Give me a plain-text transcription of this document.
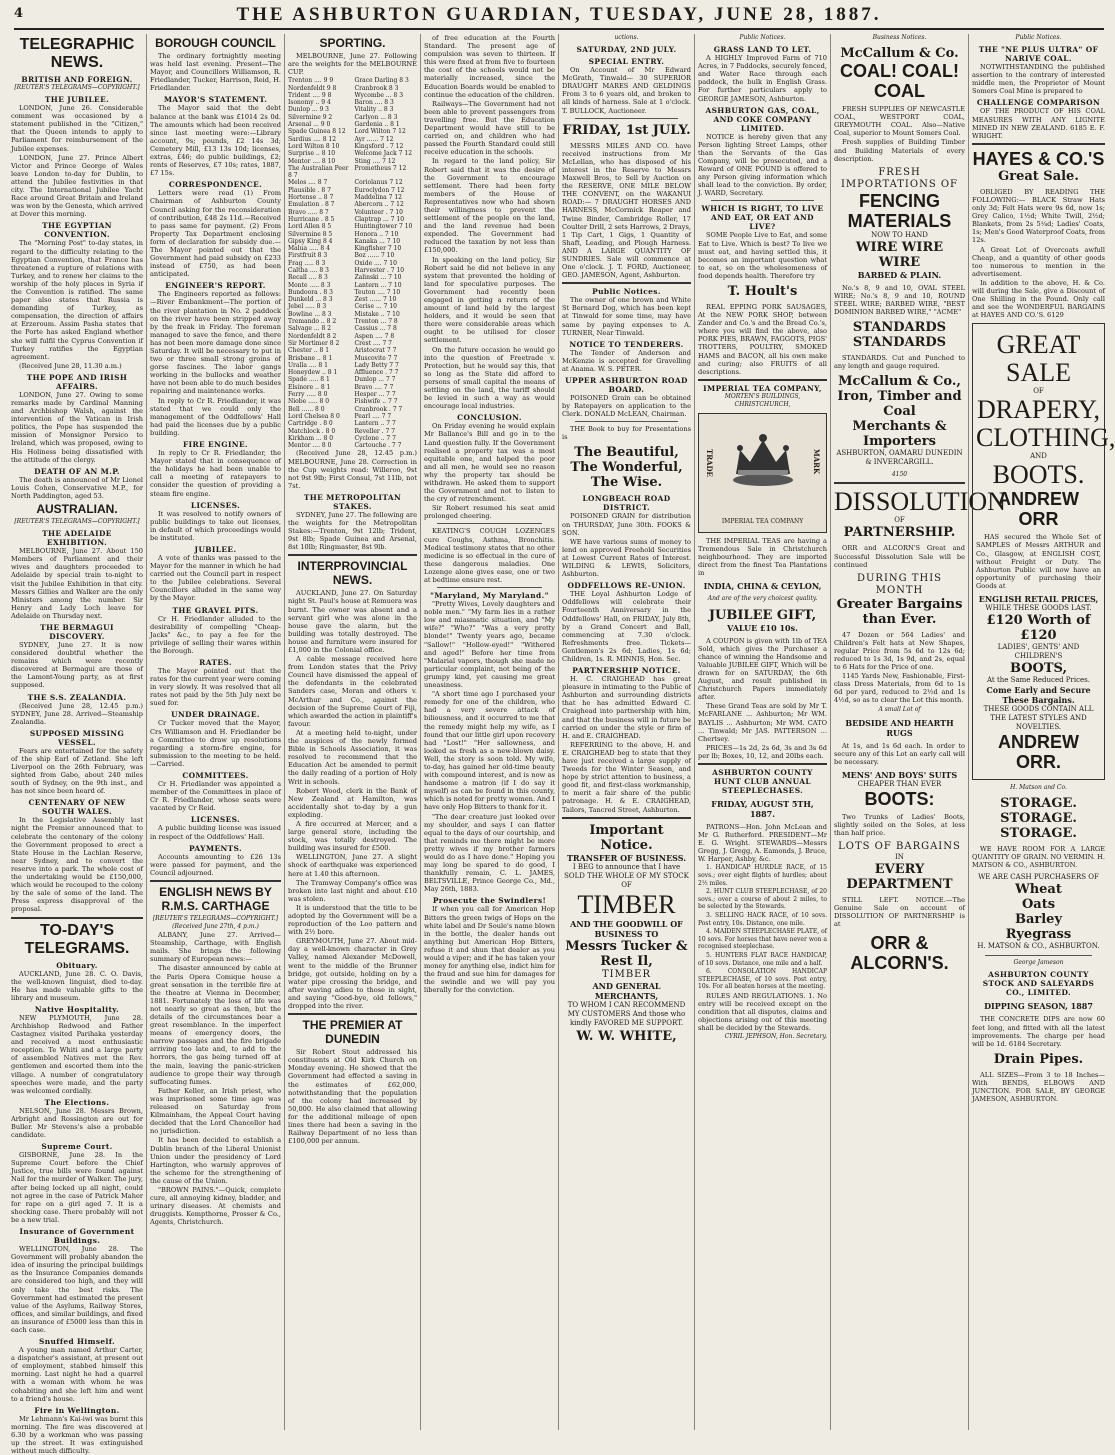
4	THE ASHBURTON GUARDIAN, TUESDAY, JUNE 28, 1887.
TELEGRAPHIC NEWS.
BRITISH AND FOREIGN.
[REUTER'S TELEGRAMS—COPYRIGHT.]
THE JUBILEE.

LONDON, June 26. Considerable comment was occasioned by a statement published in the "Citizen," that the Queen intends to apply to Parliament for reimbursement of the Jubilee expenses.

LONDON, June 27. Prince Albert Victor and Prince George of Wales leave London to-day for Dublin, to attend the Jubilee festivities in that city. The International Jubilee Yacht Race around Great Britain and Ireland was won by the Genesta, which arrived at Dover this morning.

THE EGYPTIAN CONVENTION.

The "Morning Post" to-day states, in regard to the difficulty relating to the Egyptian Convention, that France has threatened a rupture of relations with Turkey, and to renew her claims to the worship of the holy places in Syria if the Convention is ratified. The same paper also states that Russia is demanding of Turkey, as compensation, the direction of affairs at Erzeroum. Assim Pasha states that the Porte has asked England whether she will fulfil the Cyprus Convention if Turkey ratifies the Egyptian agreement.

(Received June 28, 11.30 a.m.)

THE POPE AND IRISH AFFAIRS.

LONDON, June 27. Owing to some remarks made by Cardinal Manning and Archbishop Walsh, against the intervention of the Vatican in Irish politics, the Pope has suspended the mission of Monsignor Persico to Ireland, which was proposed, owing to His Holiness being dissatisfied with the attitude of the clergy.

DEATH OF AN M.P.

The death is announced of Mr Lionel Louis Cohen, Conservative M.P., for North Paddington, aged 53.

AUSTRALIAN.
[REUTER'S TELEGRAMS—COPYRIGHT.]
THE ADELAIDE EXHIBITION.

MELBOURNE, June 27. About 150 Members of Parliament and their wives and daughters proceeded to Adelaide by special train to-night to visit the Jubilee Exhibition in that city. Messrs Gillies and Walker are the only Ministers among the number. Sir Henry and Lady Loch leave for Adelaide on Thursday next.

THE BERMAGUI DISCOVERY.

SYDNEY, June 27. It is now considered doubtful whether the remains which were recently discovered at Bermagui are those of the Lamont-Young party, as at first supposed.

THE S.S. ZEALANDIA.

(Received June 28, 12.45 p.m.) SYDNEY, June 28. Arrived—Steamship Zealandia.

SUPPOSED MISSING VESSEL.

Fears are entertained for the safety of the ship Earl of Zetland. She left Liverpool on the 26th February, was sighted from Gabo, about 240 miles south of Sydney, on the 9th inst., and has not since been heard of.

CENTENARY OF NEW SOUTH WALES.

In the Legislative Assembly last night the Premier announced that to celebrate the centenary of the colony the Government proposed to erect a State House in the Lachlan Reserve, near Sydney, and to convert the reserve into a park. The whole cost of the undertaking would be £150,000, which would be recouped to the colony by the sale of some of the land. The Press express disapproval of the proposal.

TO-DAY'S TELEGRAMS.
Obituary.

AUCKLAND, June 28. C. O. Davis, the well-known linguist, died to-day. He has made valuable gifts to the library and museum.

Native Hospitality.

NEW PLYMOUTH, June 28. Archbishop Redwood and Father Castagnez visited Parihaka yesterday and received a most enthusiastic reception. Te Whiti and a large party of assembled Natives met the Rev. gentlemen and escorted them into the village. A number of congratulatory speeches were made, and the party was welcomed cordially.

The Elections.

NELSON, June 28. Messrs Brown, Arbright and Rossington are out for Buller. Mr Stevens's also a probable candidate.

Supreme Court.

GISBORNE, June 28. In the Supreme Court before the Chief Justice, true bills were found against Nail for the murder of Walker. The jury, after being locked up all night, could not agree in the case of Patrick Maher for rape on a girl aged 7. It is a shocking case. There probably will not be a new trial.

Insurance of Government Buildings.

WELLINGTON, June 28. The Government will probably abandon the idea of insuring the principal buildings as the Insurance Companies demands are considered too high, and they will only take the best risks. The Government had estimated the present value of the Asylums, Railway Stores, offices, and similar buildings, and fixed an insurance of £5000 less than this in each case.

Snuffed Himself.

A young man named Arthur Carter, a dispatcher's assistant, at present out of employment, stabbed himself this morning. Last night he had a quarrel with a woman with whom he was cohabiting and she left him and went to a friend's house.

Fire in Wellington.

Mr Lehmann's Kai-iwi was burnt this morning. The fire was discovered at 6.30 by a workman who was passing up the street. It was extinguished without much difficulty.

BOROUGH COUNCIL

The ordinary fortnightly meeting was held last evening. Present—The Mayor, and Councillors Williamson, R. Friedlander, Tucker, Harrison, Reid, H. Friedlander.

MAYOR'S STATEMENT.

The Mayor said that the debt balance at the bank was £1014 2s 0d. The amounts which had been received since last meeting were:—Library account, 9s; pounds, £2 14s 3d; Cemetery Mill, £13 13s 10d; licenses, extras, £46; do public buildings, £2; rents of Reserves, £7 10s; rates, 1887, £7 15s.

CORRESPONDENCE.

Letters were read (1) From Chairman of Ashburton County Council asking for the reconsideration of contribution, £48 2s 11d.—Received to pass same for payment. (2) From Property Tax Department enclosing form of declaration for subsidy due.—The Mayor pointed out that the Government had paid subsidy on £233 instead of £750, as had been anticipated.

ENGINEER'S REPORT.

The Engineers reported as follows:—River Embankment—The portion of the river plantation in No. 2 paddock on the river have been stripped away by the freak in Friday. The foreman managed to save the fence, and there has not been more damage done since Saturday. It will be necessary to put in two or three small strong groins of gorse fascines. The labor gangs working in the bullocks and weather have not been able to do much besides repairing and maintenance works.

In reply to Cr R. Friedlander, it was stated that we could only the management of the Oddfellows' Hall had paid the licenses due by a public building.

FIRE ENGINE.

In reply to Cr R. Friedlander, the Mayor stated that in consequence of the holidays he had been unable to call a meeting of ratepayers to consider the question of providing a steam fire engine.

LICENSES.

It was resolved to notify owners of public buildings to take out licenses, in default of which proceedings would be instituted.

JUBILEE.

A vote of thanks was passed to the Mayor for the manner in which he had carried out the Council part in respect to the Jubilee celebrations. Several Councillors alluded in the same way by the Mayor.

THE GRAVEL PITS.

Cr H. Friedlander alluded to the desirability of compelling "Cheap-Jacks" &c., to pay a fee for the privilege of selling their wares within the Borough.

RATES.

The Mayor pointed out that the rates for the current year were coming in very slowly. It was resolved that all rates not paid by the 5th July next be sued for.

UNDER DRAINAGE.

Cr Tucker moved that the Mayor, Crs Williamson and H. Friedlander be a Committee to draw up resolutions regarding a storm-fire engine, for submission to the meeting to be held.—Carried.

COMMITTEES.

Cr H. Friedlander was appointed a member of the Committees in place of Cr R. Friedlander, whose seats were vacated by Cr Reid.

LICENSES.

A public building license was issued in respect of the Oddfellows' Hall.

PAYMENTS.

Accounts amounting to £26 13s were passed for payment, and the Council adjourned.

ENGLISH NEWS BY R.M.S. CARTHAGE
[REUTER'S TELEGRAMS—COPYRIGHT.]
(Received June 27th, 4 p.m.)

ALBANY, June 27. Arrived—Steamship, Carthage, with English mails. She brings the following summary of European news:—

The disaster announced by cable at the Paris Opera Comique house a great sensation in the terrible fire at the theatre at Vienna in December, 1881. Fortunately the loss of life was not nearly so great as then, but the details of the circumstances bear a great resemblance. In the imperfect means of emergency doors, the narrow passages and the fire brigade arriving too late and, to add to the horrors, the gas being turned off at the main, leaving the panic-stricken audience to grope their way through suffocating fumes.

Father Keller, an Irish priest, who was imprisoned some time ago was released on Saturday from Kilmainham, the Appeal Court having decided that the Lord Chancellor had no jurisdiction.

It has been decided to establish a Dublin branch of the Liberal Unionist Union under the presidency of Lord Hartington, who warmly approves of the scheme for the strengthening of the cause of the Union.

"BROWN PAINS."—Quick, complete cure, all annoying kidney, bladder, and urinary diseases. At chemists and druggists. Kempthorne, Prosser & Co., Agents, Christchurch.

SPORTING.

MELBOURNE, June 27. Following are the weights for the MELBOURNE CUP.

Trenton .... 9 9	Grace Darling 8 3
Nordenfeldt 9 8	Cranbrook 8 3
Trident .... 9 8	Wycombe ... 8 3
Isonomy .. 9 4	Baron .... 8 3
Dunlop ... 9 3	Vitality .. 8 3
Silvermine 9 2	Carlyon ... 8 3
Arsenal ... 9 0	Gardenia .. 8 1
Spade Guinea 8 12	Lord Wilton 7 12
Sardius .... 8 12	Ayr ...... 7 12
Lord Wilton 8 10	Kingsford . 7 12
Surprise .. 8 10	Welcome Jack 7 12
Mentor .... 8 10	Sting .... 7 12
The Australian Peer 8 7
Prometheus 7 12
Melos .... 8 7	Coriolanus 7 12
Plausible . 8 7	Euroclydon 7 12
Hortense .. 8 7	Maddelina 7 12
Emulation . 8 7	Abercorn .. 7 12
Bravo ..... 8 7	Volunteer . 7 10
Hurricane . 8 5	Claptrap ... 7 10
Lord Allen 8 5	Huntingtower 7 10
Silvermine 8 5	Honora .. 7 10
Gipsy King 8 4	Kanaka ... 7 10
Malua ..... 8 4	Kingfisher 7 10
Firstfruit 8 3	Boz ...... 7 10
Frag ..... 8 3	Oxide .... 7 10
Caltha .... 8 3	Harvester . 7 10
Recall .... 8 3	Zalinski ... 7 10
Monte ..... 8 3	Lantern ... 7 10
Bundoora . 8 3	Teuton .... 7 10
Dunkeld ... 8 3	Zest ...... 7 10
Jebel ..... 8 3	Cerise ... 7 10
Bowline ... 8 3	Mistake .. 7 10
Tremando .. 8 2	Trenton ... 7 8
Salvage ... 8 2	Cassius ... 7 8
Nordenfeldt 8 2	Aspen .... 7 8
Sir Mortimer 8 2	Crest .... 7 7
Chester .. 8 1	Aristocrat 7 7
Brisbane .. 8 1	Muscovite 7 7
Uralla .... 8 1	Lady Betty 7 7
Honeydew .. 8 1	Affluence . 7 7
Spade ..... 8 1	Dunlop ... 7 7
Elsinore .. 8 1	Bravo .... 7 7
Ferry ..... 8 0	Hesper ... 7 7
Niobe ..... 8 0	Fishwife .. 7 7
Bell ...... 8 0	Cranbrook . 7 7
Lord Chelsea 8 0	Pearl .... 7 7
Cartridge . 8 0	Lantern .. 7 7
Matchlock . 8 0	Reveller . 7 7
Kirkham ... 8 0	Cyclone .. 7 7
Mentor .... 8 0	Cartouche . 7 7

(Received June 28, 12.45 p.m.) MELBOURNE, June 28. Correction in the Cup weights read: Willeroo, 9st not 9st 9lb; First Consul, 7st 11lb, not 7st.

THE METROPOLITAN STAKES.

SYDNEY, June 27. The following are the weights for the Metropolitan Stakes:—Trenton, 9st 12lb; Trident, 9st 8lb; Spade Guinea and Arsenal, 8st 10lb; Ringmaster, 8st 9lb.

INTERPROVINCIAL NEWS.

AUCKLAND, June 27. On Saturday night St. Paul's house at Remuera was burnt. The owner was absent and a servant girl who was alone in the house gave the alarm, but the building was totally destroyed. The house and furniture were insured for £1,000 in the Colonial office.

A cable message received here from London states that the Privy Council have dismissed the appeal of the defendants in the celebrated Sanders case, Moran and others v. McArthur and Co., against the decision of the Supreme Court of Fiji, which awarded the action in plaintiff's favour.

At a meeting held to-night, under the auspices of the newly formed Bible in Schools Association, it was resolved to recommend that the Education Act be amended to permit the daily reading of a portion of Holy Writ in schools.

Robert Wood, clerk in the Bank of New Zealand at Hamilton, was accidentally shot to-day by a gun exploding.

A fire occurred at Mercer, and a large general store, including the stock, was totally destroyed. The building was insured for £500.

WELLINGTON, June 27. A slight shock of earthquake was experienced here at 1.40 this afternoon.

The Tramway Company's office was broken into last night and about £10 was stolen.

It is understood that the title to be adopted by the Government will be a reproduction of the Loo pattern and with 2½ bore.

GREYMOUTH, June 27. About mid-day a well-known character in Grey Valley, named Alexander McDowell, went to the middle of the Brunner bridge, got outside, holding on by a water pipe crossing the bridge, and after waving adieu to those in sight, and saying "Good-bye, old fellows," dropped into the river.

THE PREMIER AT DUNEDIN

Sir Robert Stout addressed his constituents at Old Kirk Church on Monday evening. He showed that the Government had effected a saving in the estimates of £62,000, notwithstanding that the population of the colony had increased by 50,000. He also claimed that allowing for the additional mileage of open lines there had been a saving in the Railway Department of no less than £100,000 per annum.

of free education at the Fourth Standard. The present age of compulsion was seven to thirteen. If this were fixed at from five to fourteen the cost of the schools would not be materially increased, since the Education Boards would be enabled to continue the education of the children.

Railways—The Government had not been able to prevent passengers from travelling free. But the Education Department would have still to be carried on, and children who had passed the Fourth Standard could still receive education in the schools.

In regard to the land policy, Sir Robert said that it was the desire of the Government to encourage settlement. There had been forty members of the House of Representatives now who had shown their willingness to prevent the settlement of the people on the land, and the land revenue had been expended. The Government had reduced the taxation by not less than £150,000.

In speaking on the land policy, Sir Robert said he did not believe in any system that prevented the holding of land for speculative purposes. The Government had recently been engaged in getting a return of the amount of land held by the largest holders, and it would be seen that there were considerable areas which ought to be utilised for closer settlement.

On the future occasion he would go into the question of Freetrade v. Protection, but he would say this, that so long as the State did afford to persons of small capital the means of settling on the land, the tariff should be levied in such a way as would encourage local industries.

CONCLUSION.

On Friday evening he would explain Mr Ballance's Bill and go in to the Land question fully. If the Government realised a property tax was a most equitable one, and helped the poor and all men, he would see no reason why the property tax should be withdrawn. He asked them to support the Government and not to listen to the cry of retrenchment.

Sir Robert resumed his seat amid prolonged cheering.

KEATING'S COUGH LOZENGES cure Coughs, Asthma, Bronchitis. Medical testimony states that no other medicine is so effectual in the cure of these dangerous maladies. One Lozenge alone gives ease, one or two at bedtime ensure rest.

"Maryland, My Maryland."

"Pretty Wives, Lovely daughters and noble men." "My farm lies in a rather low and miasmatic situation, and "My wife?" "Who?" "Was a very pretty blonde!" Twenty years ago, became "Sallow!" "Hollow-eyed!" "Withered and aged!" Before her time from "Malarial vapors, though she made no particular complaint, not being of the grumpy kind, yet causing me great uneasiness.

"A short time ago I purchased your remedy for one of the children, who had a very severe attack of biliousness, and it occurred to me that the remedy might help my wife, as I found that our little girl upon recovery had "Lost!" "Her sallowness, and looked as fresh as a new-blown daisy. Well, the story is soon told. My wife, to-day, has gained her old-time beauty with compound interest, and is now as handsome a matron (if I do say it myself) as can be found in this county, which is noted for pretty women. And I have only Hop Bitters to thank for it.

"The dear creature just looked over my shoulder, and says I can flatter equal to the days of our courtship, and that reminds me there might be more pretty wives if my brother farmers would do as I have done." Hoping you may long be spared to do good, I thankfully remain, C. L. JAMES, BELTSVILLE, Prince George Co., Md., May 26th, 1883.

Prosecute the Swindlers!

If when you call for American Hop Bitters the green twigs of Hops on the white label and Dr Soule's name blown in the bottle, the dealer hands out anything but American Hop Bitters, refuse it and shun that dealer as you would a viper; and if he has taken your money for anything else, indict him for the fraud and sue him for damages for the swindle and we will pay you liberally for the conviction.

uctions.
SATURDAY, 2ND JULY.
SPECIAL ENTRY.

On Account of Mr Edward McGrath, Tinwald— 30 SUPERIOR DRAUGHT MARES AND GELDINGS From 3 to 6 years old, and broken to all kinds of harness. Sale at 1 o'clock. T. BULLOCK, Auctioneer.

FRIDAY, 1st JULY.

MESSRS MILES AND CO. have received instructions from Mr McLellan, who has disposed of his interest in the Reserve to Messrs Maxwell Bros, to Sell by Auction on the RESERVE, ONE MILE BELOW THE CONVENT, on the WAKANUI ROAD:— 7 DRAUGHT HORSES AND HARNESS, McCormick Reaper and Twine Binder, Cambridge Roller, 17 Coulter Drill, 2 sets Harrows, 2 Drays, 1 Tip Cart, 1 Gigs, 1 Quantity of Shaft, Leading, and Plough Harness. AND A LARGE QUANTITY OF SUNDRIES. Sale will commence at One o'clock. J. T. FORD, Auctioneer, GEO. JAMESON, Agent, Ashburton.

Public Notices.

The owner of one brown and White St Bernard Dog, which has been kept at Tinwald for some time, may have same by paying expenses to A. TURNER, Near Tinwald.

NOTICE TO TENDERERS.

The Tender of Anderson and McKenzie is accepted for Gravelling at Anama. W. S. PETER.

UPPER ASHBURTON ROAD BOARD.

POISONED Grain can be obtained by Ratepayers on application to the Clerk. DONALD McLEAN, Chairman.

THE Book to buy for Presentations is

The Beautiful, The Wonderful, The Wise.
LONGBEACH ROAD DISTRICT.

POISONED GRAIN for distribution on THURSDAY, June 30th. FOOKS & SON.

WE have various sums of money to lend on approved Freehold Securities at Lowest Current Rates of Interest. WILDING & LEWIS, Solicitors, Ashburton.

ODDFELLOWS RE-UNION.

THE Loyal Ashburton Lodge of Oddfellows will celebrate their Fourteenth Anniversary in the Oddfellows' Hall, on FRIDAY, July 8th, by a Grand Concert and Ball, commencing at 7.30 o'clock. Refreshments free. Tickets—Gentlemen's 2s 6d; Ladies, 1s 6d; Children, 1s. R. MINNIS, Hon. Sec.

PARTNERSHIP NOTICE.

H. C. CRAIGHEAD has great pleasure in intimating to the Public of Ashburton and surrounding districts that he has admitted Edward C. Craighead into partnership with him, and that the business will in future be carried on under the style or firm of H. and E. CRAIGHEAD.

REFERRING to the above, H. and E. CRAIGHEAD beg to state that they have just received a large supply of Tweeds for the Winter Season, and hope by strict attention to business, a good fit, and first-class workmanship, to merit a fair share of the public patronage. H. & E. CRAIGHEAD, Tailors, Tancred Street, Ashburton.

Important Notice.
TRANSFER OF BUSINESS.

I BEG to announce that I have SOLD THE WHOLE OF MY STOCK OF

TIMBER
AND THE GOODWILL OF BUSINESS TO
Messrs Tucker & Rest Il,
TIMBER
AND GENERAL MERCHANTS,

TO WHOM I CAN RECOMMEND MY CUSTOMERS And those who kindly FAVORED ME SUPPORT.

W. W. WHITE,
Public Notices.
GRASS LAND TO LET.

A HIGHLY Improved Farm of 710 Acres, in 7 Paddocks, securely fenced, and Water Race through each paddock, the bulk in English Grass. For further particulars apply to GEORGE JAMESON, Ashburton.

ASHBURTON GAS, COAL, AND COKE COMPANY LIMITED.

NOTICE is hereby given that any Person lighting Street Lamps, other than the Servants of the Gas Company, will be prosecuted, and a Reward of ONE POUND is offered to any Person giving information which shall lead to the conviction. By order, J. WARD, Secretary.

WHICH IS RIGHT, TO LIVE AND EAT, OR EAT AND LIVE?

SOME People Live to Eat, and some Eat to Live. Which is best? To live we must eat, and having settled this, it becomes an important question what to eat, so on the wholesomeness of food depends health. Therefore try

T. Hoult's

REAL EPPING PORK SAUSAGES, At the NEW PORK SHOP, between Zander and Co.'s and the Bread Co.'s, where you will find the above, also PORK PIES, BRAWN, FAGGOTS, PIGS' TROTTERS, POULTRY, SMOKED HAMS and BACON, all his own make and curing; also FRUITS of all descriptions.

IMPERIAL TEA COMPANY,
MORTEN'S BUILDINGS, CHRISTCHURCH,
TRADE	MARK
IMPERIAL TEA COMPANY

THE IMPERIAL TEAS are having a Tremendous Sale in Christchurch neighbourhood. They are imported direct from the finest Tea Plantations in

INDIA, CHINA & CEYLON,
And are of the very choicest quality.
JUBILEE GIFT,
VALUE £10 10s.

A COUPON is given with 1lb of TEA Sold, which gives the Purchaser a chance of winning the Handsome and Valuable JUBILEE GIFT, Which will be drawn for on SATURDAY, the 6th August, and result published in Christchurch Papers immediately after.

These Grand Teas are sold by Mr T. McFARLANE ... Ashburton; Mr WM. BAYLIS ... Ashburton; Mr WM. CATO ... Tinwald; Mr JAS. PATTERSON ... Chertsey.

PRICES—1s 2d, 2s 6d, 3s and 3s 6d per lb; Boxes, 10, 12, and 20lbs each.

ASHBURTON COUNTY HUNT CLUB ANNUAL STEEPLECHASES.
FRIDAY, AUGUST 5TH, 1887.

PATRONS—Hon. John McLean and Mr G. Rutherford. PRESIDENT—Mr E. G. Wright. STEWARDS—Messrs Gregg, J. Gregg, A. Eamonds, J. Bruce, W. Harper, Ashby, &c.

1. HANDICAP HURDLE RACE, of 15 sovs.; over eight flights of hurdles; about 2½ miles.

2. HUNT CLUB STEEPLECHASE, of 20 sovs.; over a course of about 2 miles, to be selected by the Stewards.

3. SELLING HACK RACE, of 10 sovs. Post entry, 10s. Distance, one mile.

4. MAIDEN STEEPLECHASE PLATE, of 10 sovs. For horses that have never won a recognised steeplechase.

5. HUNTERS FLAT RACE HANDICAP, of 10 sovs. Distance, one mile and a half.

6. CONSOLATION HANDICAP STEEPLECHASE, of 10 sovs. Post entry, 10s. For all beaten horses at the meeting.

RULES AND REGULATIONS. 1. No entry will be received except on the condition that all disputes, claims and objections arising out of this meeting shall be decided by the Stewards.

CYRIL JEPHSON, Hon. Secretary.
Business Notices.
McCallum & Co.
COAL! COAL! COAL

FRESH SUPPLIES OF NEWCASTLE COAL, WESTPORT COAL, GREYMOUTH COAL. Also—Native Coal, superior to Mount Somers Coal.

Fresh supplies of Building Timber and Building Materials of every description.

FRESH IMPORTATIONS OF
FENCING MATERIALS
NOW TO HAND
WIRE WIRE WIRE
BARBED & PLAIN.

No.'s 8, 9 and 10, OVAL STEEL WIRE; No.'s 8, 9 and 10, ROUND STEEL WIRE; BARBED WIRE, "BEST DOMINION BARBED WIRE," "ACME"

STANDARDS STANDARDS

STANDARDS. Cut and Punched to any length and gauge required.

McCallum & Co.,
Iron, Timber and Coal
Merchants & Importers
ASHBURTON, OAMARU DUNEDIN & INVERCARGILL.
4150
DISSOLUTION
OF
PARTNERSHIP.

ORR and ALCORN'S Great and Successful Dissolution Sale will be continued

DURING THIS MONTH
Greater Bargains than Ever.

47 Dozen or 564 Ladies' and Children's Felt hats at New Shapes, regular Price from 5s 6d to 12s 6d; reduced to 1s 3d, 1s 9d, and 2s, equal to 6 Hats for the Price of one.

1145 Yards New, Fashionable, First-class Dress Materials, from 6d to 1s 6d per yard, reduced to 2½d and 1s 4½d, so as to clear the Lot this month.

A small Lot of
BEDSIDE AND HEARTH RUGS

At 1s, and 1s 6d each. In order to secure any of this Lot an early call will be necessary.

MENS' AND BOYS' SUITS
CHEAPER THAN EVER
BOOTS:

Two Trunks of Ladies' Boots, slightly soiled on the Soles, at less than half price.

LOTS OF BARGAINS
IN
EVERY DEPARTMENT

STILL LEFT. NOTICE.—The Genuine Sale on account of DISSOLUTION OF PARTNERSHIP is at

ORR & ALCORN'S.
Public Notices.
THE "NE PLUS ULTRA" OF NARIVE COAL.

NOTWITHSTANDING the published assertion to the contrary of interested middle men, the Proprietor of Mount Somers Coal Mine is prepared to

CHALLENGE COMPARISON

OF THE PRODUCT OF HIS COAL MEASURES WITH ANY LIGNITE MINED IN NEW ZEALAND. 6185 E. F. WRIGHT.

HAYES & CO.'S
Great Sale.

OBLIGED BY READING THE FOLLOWING:— BLACK Straw Hats only 3d; Felt Hats were 9s 6d, now 1s; Grey Calico, 1½d; White Twill, 2½d; Blankets, from 2s 5¼d; Ladies' Coats, 1s; Men's Good Waterproof Coats, from 12s.

A Great Lot of Overcoats awfull Cheap, and a quantity of other goods too numerous to mention in the advertisement.

In addition to the above, H. & Co. will during the Sale, give a Discount of One Shilling in the Pound. Only call and see the WONDERFUL BARGAINS at HAYES AND CO.'S. 6129

GREAT SALE
OF
DRAPERY,
CLOTHING,
AND
BOOTS.
ANDREW ORR

HAS secured the Whole Set of SAMPLES of Messrs ARTHUR and Co., Glasgow, at ENGLISH COST, without Freight or Duty. The Ashburton Public will now have an opportunity of purchasing their Goods at

ENGLISH RETAIL PRICES,
WHILE THESE GOODS LAST.
£120 Worth of £120
LADIES', GENTS' AND CHILDREN'S
BOOTS,
At the Same Reduced Prices.
Come Early and Secure These Bargains.
THESE GOODS CONTAIN ALL THE LATEST STYLES AND NOVELTIES.
ANDREW ORR.
H. Matson and Co.
STORAGE. STORAGE.
STORAGE.

WE HAVE ROOM FOR A LARGE QUANTITY OF GRAIN. NO VERMIN. H. MATSON & CO., ASHBURTON.

WE ARE CASH PURCHASERS OF
Wheat
Oats
Barley
Ryegrass
H. MATSON & CO., ASHBURTON.
George Jameson
ASHBURTON COUNTY STOCK AND SALEYARDS CO., LIMITED.
DIPPING SEASON, 1887

THE CONCRETE DIPS are now 60 feet long, and fitted with all the latest improvements. The charge per head will be 1d. 6184 Secretary.

Drain Pipes.

ALL SIZES—From 3 to 18 Inches—With BENDS, ELBOWS AND JUNCTION. FOR SALE, BY GEORGE JAMESON, ASHBURTON.
